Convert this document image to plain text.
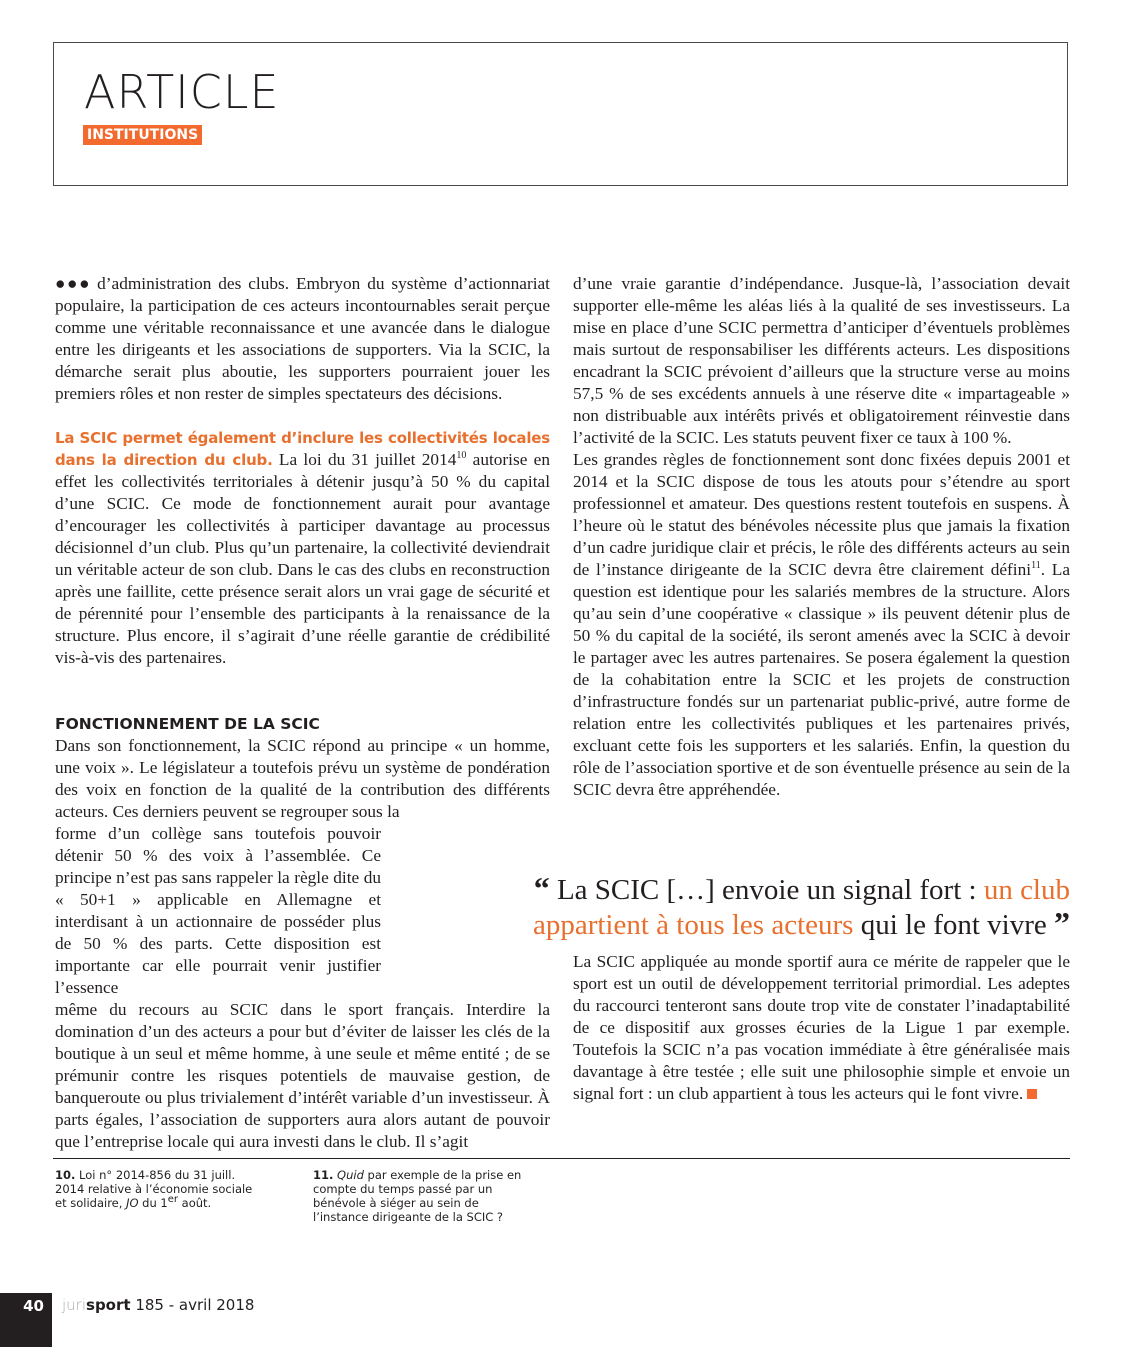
ARTICLE
INSTITUTIONS

●●● d’administration des clubs. Embryon du système d’actionnariat populaire, la participation de ces acteurs incontournables serait perçue comme une véritable reconnaissance et une avancée dans le dialogue entre les dirigeants et les associations de supporters. Via la SCIC, la démarche serait plus aboutie, les supporters pourraient jouer les premiers rôles et non rester de simples spectateurs des décisions.

La SCIC permet également d’inclure les collectivités locales dans la direction du club. La loi du 31 juillet 2014$^{10}$ autorise en effet les collectivités territoriales à détenir jusqu’à 50 % du capital d’une SCIC. Ce mode de fonctionnement aurait pour avantage d’encourager les collectivités à participer davantage au processus décisionnel d’un club. Plus qu’un partenaire, la collectivité deviendrait un véritable acteur de son club. Dans le cas des clubs en reconstruction après une faillite, cette présence serait alors un vrai gage de sécurité et de pérennité pour l’ensemble des participants à la renaissance de la structure. Plus encore, il s’agirait d’une réelle garantie de crédibilité vis-à-vis des partenaires.

FONCTIONNEMENT DE LA SCIC

Dans son fonctionnement, la SCIC répond au principe « un homme, une voix ». Le législateur a toutefois prévu un système de pondération des voix en fonction de la qualité de la contribution des différents acteurs. Ces derniers peuvent se regrouper sous la

forme d’un collège sans toutefois pouvoir détenir 50 % des voix à l’assemblée. Ce principe n’est pas sans rappeler la règle dite du « 50+1 » applicable en Allemagne et interdisant à un actionnaire de posséder plus de 50 % des parts. Cette disposition est importante car elle pourrait venir justifier l’essence

même du recours au SCIC dans le sport français. Interdire la domination d’un des acteurs a pour but d’éviter de laisser les clés de la boutique à un seul et même homme, à une seule et même entité ; de se prémunir contre les risques potentiels de mauvaise gestion, de banqueroute ou plus trivialement d’intérêt variable d’un investisseur. À parts égales, l’association de supporters aura alors autant de pouvoir que l’entreprise locale qui aura investi dans le club. Il s’agit

d’une vraie garantie d’indépendance. Jusque-là, l’association devait supporter elle-même les aléas liés à la qualité de ses investisseurs. La mise en place d’une SCIC permettra d’anticiper d’éventuels problèmes mais surtout de responsabiliser les différents acteurs. Les dispositions encadrant la SCIC prévoient d’ailleurs que la structure verse au moins 57,5 % de ses excédents annuels à une réserve dite « impartageable » non distribuable aux intérêts privés et obligatoirement réinvestie dans l’activité de la SCIC. Les statuts peuvent fixer ce taux à 100 %.

Les grandes règles de fonctionnement sont donc fixées depuis 2001 et 2014 et la SCIC dispose de tous les atouts pour s’étendre au sport professionnel et amateur. Des questions restent toutefois en suspens. À l’heure où le statut des bénévoles nécessite plus que jamais la fixation d’un cadre juridique clair et précis, le rôle des différents acteurs au sein de l’instance dirigeante de la SCIC devra être clairement défini$^{11}$. La question est identique pour les salariés membres de la structure. Alors qu’au sein d’une coopérative « classique » ils peuvent détenir plus de 50 % du capital de la société, ils seront amenés avec la SCIC à devoir le partager avec les autres partenaires. Se posera également la question de la cohabitation entre la SCIC et les projets de construction d’infrastructure fondés sur un partenariat public-privé, autre forme de relation entre les collectivités publiques et les partenaires privés, excluant cette fois les supporters et les salariés. Enfin, la question du rôle de l’association sportive et de son éventuelle présence au sein de la SCIC devra être appréhendée.

La SCIC appliquée au monde sportif aura ce mérite de rappeler que le sport est un outil de développement territorial primordial. Les adeptes du raccourci tenteront sans doute trop vite de constater l’inadaptabilité de ce dispositif aux grosses écuries de la Ligue 1 par exemple. Toutefois la SCIC n’a pas vocation immédiate à être généralisée mais davantage à être testée ; elle suit une philosophie simple et envoie un signal fort : un club appartient à tous les acteurs qui le font vivre.

“ La SCIC […] envoie un signal fort : un club appartient à tous les acteurs qui le font vivre ”
10. Loi n° 2014-856 du 31 juill. 2014 relative à l’économie sociale et solidaire, JO du 1er août.
11. Quid par exemple de la prise en compte du temps passé par un bénévole à siéger au sein de l’instance dirigeante de la SCIC ?
40 jurisport 185 - avril 2018
